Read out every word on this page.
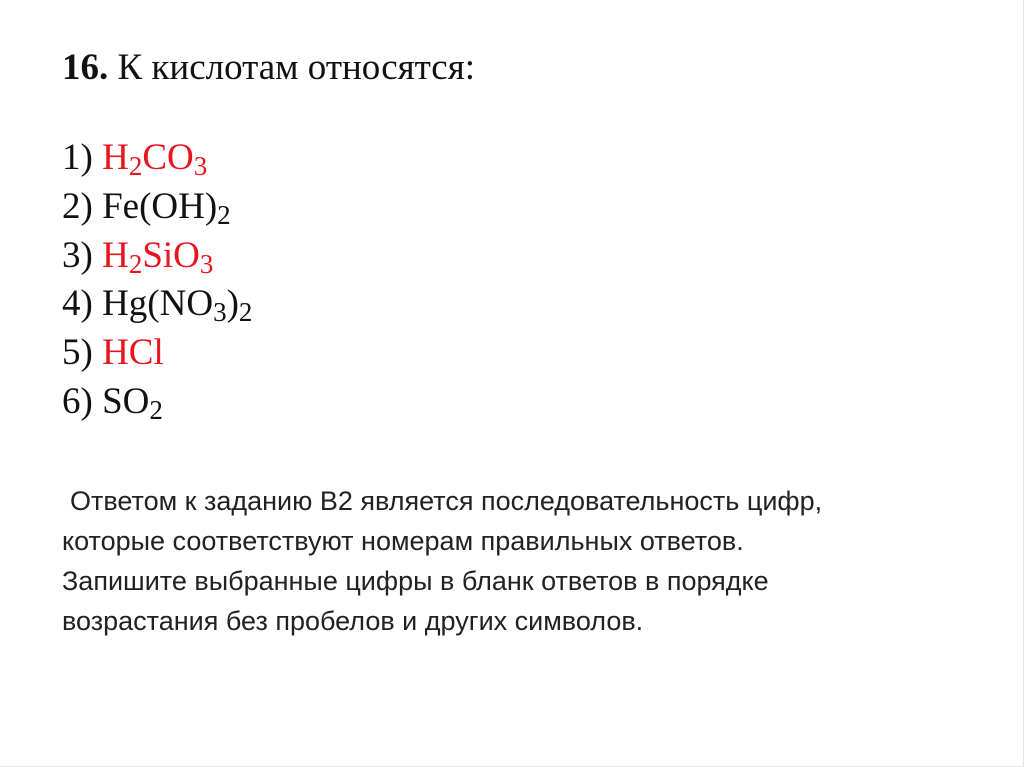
16. К кислотам относятся:
1) $H_2CO_3$
2) $Fe(OH)_2$
3) $H_2SiO_3$
4) $Hg(NO_3)_2$
5) HCl
6) $SO_2$
Ответом к заданию В2 является последовательность цифр,
которые соответствуют номерам правильных ответов.
Запишите выбранные цифры в бланк ответов в порядке
возрастания без пробелов и других символов.
